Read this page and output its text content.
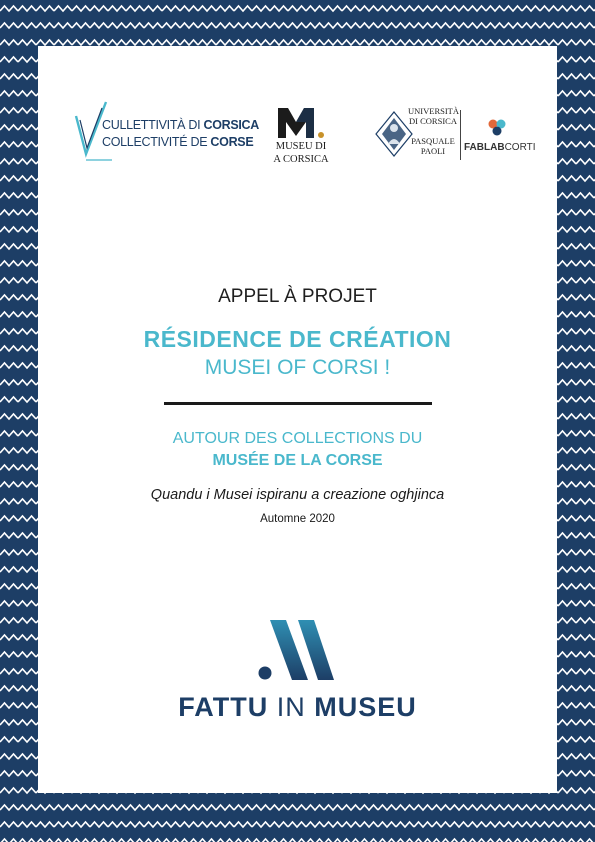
CULLETTIVITÀ DI CORSICA
COLLECTIVITÉ DE CORSE	MUSEU DI
A CORSICA
UNIVERSITÀ
DI CORSICA
PASQUALE
PAOLI	FABLABCORTI
APPEL À PROJET
RÉSIDENCE DE CRÉATION
MUSEI OF CORSI !
AUTOUR DES COLLECTIONS DU
MUSÉE DE LA CORSE
Quandu i Musei ispiranu a creazione oghjinca
Automne 2020
FATTU IN MUSEU
